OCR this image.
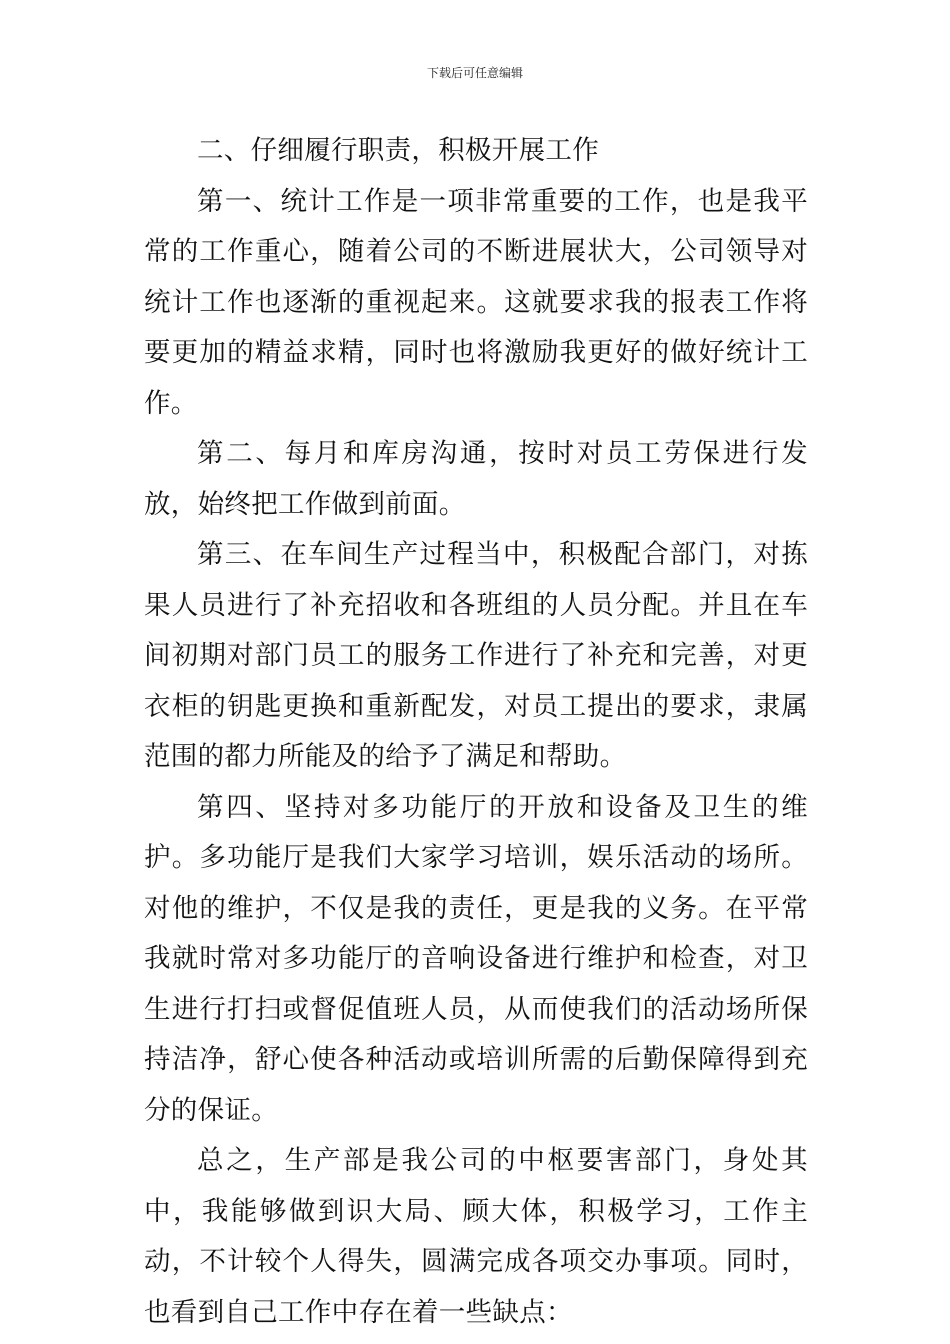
下载后可任意编辑

二、仔细履行职责，积极开展工作

第一、统计工作是一项非常重要的工作，也是我平常的工作重心，随着公司的不断进展状大，公司领导对统计工作也逐渐的重视起来。这就要求我的报表工作将要更加的精益求精，同时也将激励我更好的做好统计工作。

第二、每月和库房沟通，按时对员工劳保进行发放，始终把工作做到前面。

第三、在车间生产过程当中，积极配合部门，对拣果人员进行了补充招收和各班组的人员分配。并且在车间初期对部门员工的服务工作进行了补充和完善，对更衣柜的钥匙更换和重新配发，对员工提出的要求，隶属范围的都力所能及的给予了满足和帮助。

第四、坚持对多功能厅的开放和设备及卫生的维护。多功能厅是我们大家学习培训，娱乐活动的场所。对他的维护，不仅是我的责任，更是我的义务。在平常我就时常对多功能厅的音响设备进行维护和检查，对卫生进行打扫或督促值班人员，从而使我们的活动场所保持洁净，舒心使各种活动或培训所需的后勤保障得到充分的保证。

总之，生产部是我公司的中枢要害部门，身处其中，我能够做到识大局、顾大体，积极学习，工作主动，不计较个人得失，圆满完成各项交办事项。同时，也看到自己工作中存在着一些缺点：
